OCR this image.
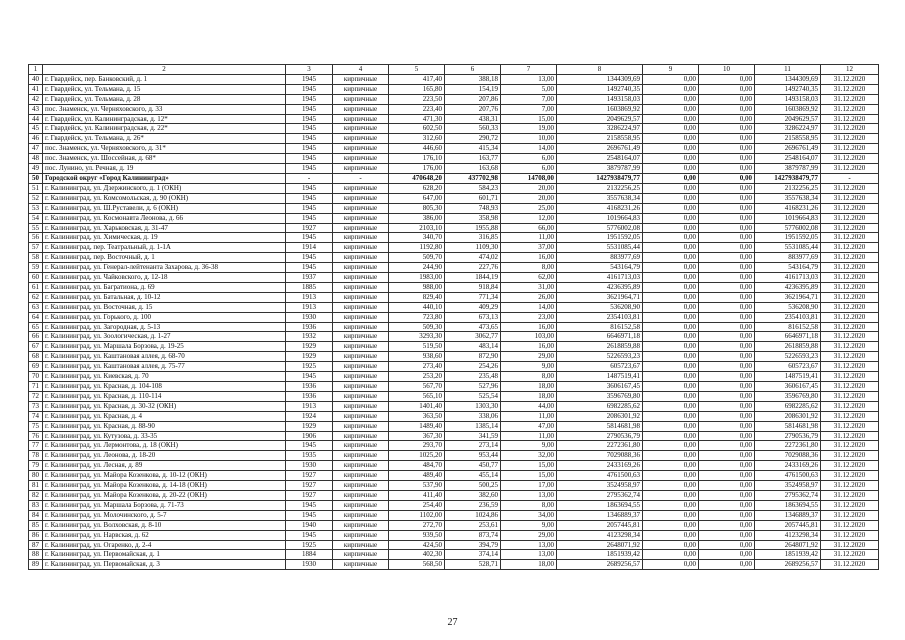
1	2	3	4	5	6	7	8	9	10	11	12
40	г. Гвардейск, пер. Банковский, д. 1	1945	кирпичные	417,40	388,18	13,00	1344309,69	0,00	0,00	1344309,69	31.12.2020
41	г. Гвардейск, ул. Тельмана, д. 15	1945	кирпичные	165,80	154,19	5,00	1492740,35	0,00	0,00	1492740,35	31.12.2020
42	г. Гвардейск, ул. Тельмана, д. 28	1945	кирпичные	223,50	207,86	7,00	1493158,03	0,00	0,00	1493158,03	31.12.2020
43	пос. Знаменск, ул. Черняховского, д. 33	1945	кирпичные	223,40	207,76	7,00	1603869,92	0,00	0,00	1603869,92	31.12.2020
44	г. Гвардейск, ул. Калининградская, д. 12*	1945	кирпичные	471,30	438,31	15,00	2049629,57	0,00	0,00	2049629,57	31.12.2020
45	г. Гвардейск, ул. Калининградская, д. 22*	1945	кирпичные	602,50	560,33	19,00	3286224,97	0,00	0,00	3286224,97	31.12.2020
46	г. Гвардейск, ул. Тельмана, д. 26*	1945	кирпичные	312,60	290,72	10,00	2158558,95	0,00	0,00	2158558,95	31.12.2020
47	пос. Знаменск, ул. Черняховского, д. 31*	1945	кирпичные	446,60	415,34	14,00	2696761,49	0,00	0,00	2696761,49	31.12.2020
48	пос. Знаменск, ул. Шоссейная, д. 68*	1945	кирпичные	176,10	163,77	6,00	2548164,07	0,00	0,00	2548164,07	31.12.2020
49	пос. Лунино, ул. Речная, д. 19	1945	кирпичные	176,00	163,68	6,00	3879787,99	0,00	0,00	3879787,99	31.12.2020
50	Городской округ «Город Калининград»	-	-	470648,20	437702,98	14708,00	1427938479,77	0,00	0,00	1427938479,77	-
51	г. Калининград, ул. Дзержинского, д. 1 (ОКН)	1945	кирпичные	628,20	584,23	20,00	2132256,25	0,00	0,00	2132256,25	31.12.2020
52	г. Калининград, ул. Комсомольская, д. 90 (ОКН)	1945	кирпичные	647,00	601,71	20,00	3557638,34	0,00	0,00	3557638,34	31.12.2020
53	г. Калининград, ул. Ш.Руставели, д. 6 (ОКН)	1945	кирпичные	805,30	748,93	25,00	4168231,26	0,00	0,00	4168231,26	31.12.2020
54	г. Калининград, ул. Космонавта Леонова, д. 66	1945	кирпичные	386,00	358,98	12,00	1019664,83	0,00	0,00	1019664,83	31.12.2020
55	г. Калининград, ул. Харьковская, д. 31-47	1927	кирпичные	2103,10	1955,88	66,00	5776002,08	0,00	0,00	5776002,08	31.12.2020
56	г. Калининград, ул. Химическая, д. 19	1945	кирпичные	340,70	316,85	11,00	1951592,05	0,00	0,00	1951592,05	31.12.2020
57	г. Калининград, пер. Театральный, д. 1-1А	1914	кирпичные	1192,80	1109,30	37,00	5531085,44	0,00	0,00	5531085,44	31.12.2020
58	г. Калининград, пер. Восточный, д. 1	1945	кирпичные	509,70	474,02	16,00	883977,69	0,00	0,00	883977,69	31.12.2020
59	г. Калининград, ул. Генерал-лейтенанта Захарова, д. 36-38	1945	кирпичные	244,90	227,76	8,00	543164,79	0,00	0,00	543164,79	31.12.2020
60	г. Калининград, ул. Чайковского, д. 12-18	1937	кирпичные	1983,00	1844,19	62,00	4161713,03	0,00	0,00	4161713,03	31.12.2020
61	г. Калининград, ул. Багратиона, д. 69	1885	кирпичные	988,00	918,84	31,00	4236395,89	0,00	0,00	4236395,89	31.12.2020
62	г. Калининград, ул. Батальная, д. 10-12	1913	кирпичные	829,40	771,34	26,00	3621964,71	0,00	0,00	3621964,71	31.12.2020
63	г. Калининград, ул. Восточная, д. 15	1913	кирпичные	440,10	409,29	14,00	536208,90	0,00	0,00	536208,90	31.12.2020
64	г. Калининград, ул. Горького, д. 100	1930	кирпичные	723,80	673,13	23,00	2354103,81	0,00	0,00	2354103,81	31.12.2020
65	г. Калининград, ул. Загородная, д. 5-13	1936	кирпичные	509,30	473,65	16,00	816152,58	0,00	0,00	816152,58	31.12.2020
66	г. Калининград, ул. Зоологическая, д. 1-27	1932	кирпичные	3293,30	3062,77	103,00	6646971,18	0,00	0,00	6646971,18	31.12.2020
67	г. Калининград, ул. Маршала Борзова, д. 19-25	1929	кирпичные	519,50	483,14	16,00	2618859,88	0,00	0,00	2618859,88	31.12.2020
68	г. Калининград, ул. Каштановая аллея, д. 68-70	1929	кирпичные	938,60	872,90	29,00	5226593,23	0,00	0,00	5226593,23	31.12.2020
69	г. Калининград, ул. Каштановая аллея, д. 75-77	1925	кирпичные	273,40	254,26	9,00	605723,67	0,00	0,00	605723,67	31.12.2020
70	г. Калининград, ул. Киевская, д. 70	1945	кирпичные	253,20	235,48	8,00	1487519,41	0,00	0,00	1487519,41	31.12.2020
71	г. Калининград, ул. Красная, д. 104-108	1936	кирпичные	567,70	527,96	18,00	3606167,45	0,00	0,00	3606167,45	31.12.2020
72	г. Калининград, ул. Красная, д. 110-114	1936	кирпичные	565,10	525,54	18,00	3596769,80	0,00	0,00	3596769,80	31.12.2020
73	г. Калининград, ул. Красная, д. 30-32 (ОКН)	1913	кирпичные	1401,40	1303,30	44,00	6982285,62	0,00	0,00	6982285,62	31.12.2020
74	г. Калининград, ул. Красная, д. 4	1924	кирпичные	363,50	338,06	11,00	2086301,92	0,00	0,00	2086301,92	31.12.2020
75	г. Калининград, ул. Красная, д. 88-90	1929	кирпичные	1489,40	1385,14	47,00	5814681,98	0,00	0,00	5814681,98	31.12.2020
76	г. Калининград, ул. Кутузова, д. 33-35	1906	кирпичные	367,30	341,59	11,00	2790536,79	0,00	0,00	2790536,79	31.12.2020
77	г. Калининград, ул. Лермонтова, д. 18 (ОКН)	1945	кирпичные	293,70	273,14	9,00	2272361,80	0,00	0,00	2272361,80	31.12.2020
78	г. Калининград, ул. Леонова, д. 18-20	1935	кирпичные	1025,20	953,44	32,00	7029088,36	0,00	0,00	7029088,36	31.12.2020
79	г. Калининград, ул. Лесная, д. 89	1930	кирпичные	484,70	450,77	15,00	2433169,26	0,00	0,00	2433169,26	31.12.2020
80	г. Калининград, ул. Майора Козенкова, д. 10-12 (ОКН)	1927	кирпичные	489,40	455,14	15,00	4761500,63	0,00	0,00	4761500,63	31.12.2020
81	г. Калининград, ул. Майора Козенкова, д. 14-18 (ОКН)	1927	кирпичные	537,90	500,25	17,00	3524958,97	0,00	0,00	3524958,97	31.12.2020
82	г. Калининград, ул. Майора Козенкова, д. 20-22 (ОКН)	1927	кирпичные	411,40	382,60	13,00	2795362,74	0,00	0,00	2795362,74	31.12.2020
83	г. Калининград, ул. Маршала Борзова, д. 71-73	1945	кирпичные	254,40	236,59	8,00	1863694,55	0,00	0,00	1863694,55	31.12.2020
84	г. Калининград, ул. Молочинского, д. 5-7	1945	кирпичные	1102,00	1024,86	34,00	1346889,37	0,00	0,00	1346889,37	31.12.2020
85	г. Калининград, ул. Волховская, д. 8-10	1940	кирпичные	272,70	253,61	9,00	2057445,81	0,00	0,00	2057445,81	31.12.2020
86	г. Калининград, ул. Нарвская, д. 62	1945	кирпичные	939,50	873,74	29,00	4123298,34	0,00	0,00	4123298,34	31.12.2020
87	г. Калининград, ул. Огаренко, д. 2-4	1925	кирпичные	424,50	394,79	13,00	2648071,92	0,00	0,00	2648071,92	31.12.2020
88	г. Калининград, ул. Первомайская, д. 1	1884	кирпичные	402,30	374,14	13,00	1851939,42	0,00	0,00	1851939,42	31.12.2020
89	г. Калининград, ул. Первомайская, д. 3	1930	кирпичные	568,50	528,71	18,00	2689256,57	0,00	0,00	2689256,57	31.12.2020
27
